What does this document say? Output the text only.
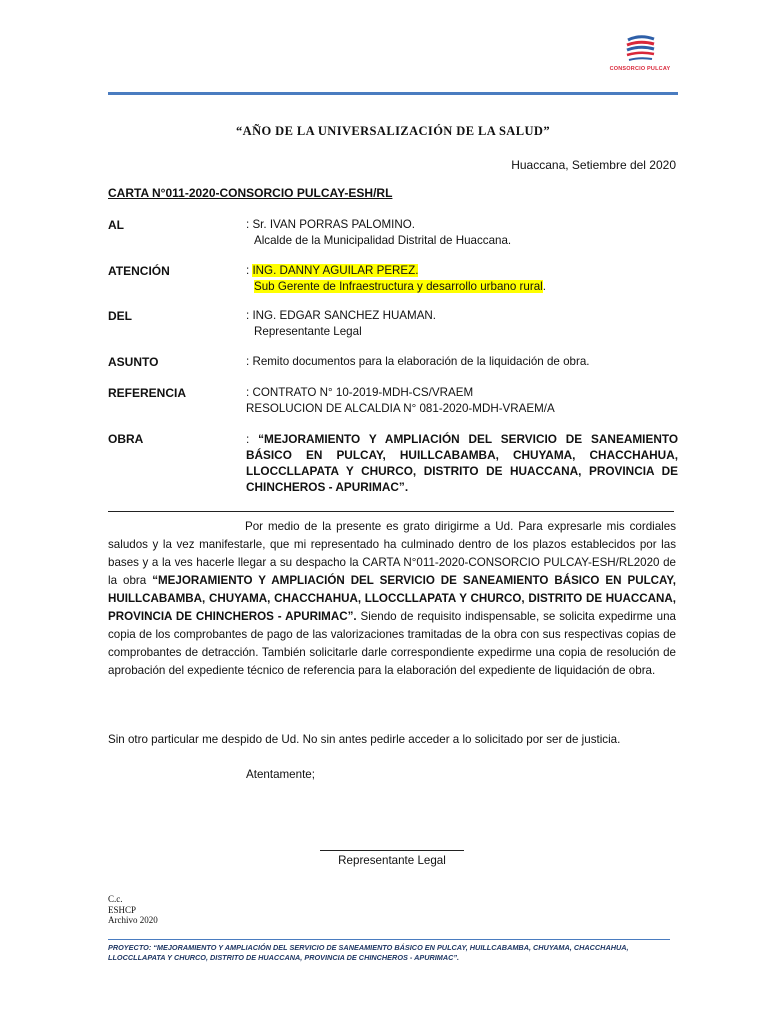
CONSORCIO PULCAY
“AÑO DE LA UNIVERSALIZACIÓN DE LA SALUD”
Huaccana, Setiembre del 2020
CARTA N°011-2020-CONSORCIO PULCAY-ESH/RL
AL	: Sr. IVAN PORRAS PALOMINO.
Alcalde de la Municipalidad Distrital de Huaccana.
ATENCIÓN	: ING. DANNY AGUILAR PEREZ.
Sub Gerente de Infraestructura y desarrollo urbano rural.
DEL	: ING. EDGAR SANCHEZ HUAMAN.
Representante Legal
ASUNTO	: Remito documentos para la elaboración de la liquidación de obra.
REFERENCIA	: CONTRATO N° 10-2019-MDH-CS/VRAEM
RESOLUCION DE ALCALDIA N° 081-2020-MDH-VRAEM/A
OBRA	: “MEJORAMIENTO Y AMPLIACIÓN DEL SERVICIO DE SANEAMIENTO BÁSICO EN PULCAY, HUILLCABAMBA, CHUYAMA, CHACCHAHUA, LLOCCLLAPATA Y CHURCO, DISTRITO DE HUACCANA, PROVINCIA DE CHINCHEROS - APURIMAC”.
Por medio de la presente es grato dirigirme a Ud. Para expresarle mis cordiales saludos y la vez manifestarle, que mi representado ha culminado dentro de los plazos establecidos por las bases y a la ves hacerle llegar a su despacho la CARTA N°011-2020-CONSORCIO PULCAY-ESH/RL2020 de la obra “MEJORAMIENTO Y AMPLIACIÓN DEL SERVICIO DE SANEAMIENTO BÁSICO EN PULCAY, HUILLCABAMBA, CHUYAMA, CHACCHAHUA, LLOCCLLAPATA Y CHURCO, DISTRITO DE HUACCANA, PROVINCIA DE CHINCHEROS - APURIMAC”. Siendo de requisito indispensable, se solicita expedirme una copia de los comprobantes de pago de las valorizaciones tramitadas de la obra con sus respectivas copias de comprobantes de detracción. También solicitarle darle correspondiente expedirme una copia de resolución de aprobación del expediente técnico de referencia para la elaboración del expediente de liquidación de obra.
Sin otro particular me despido de Ud. No sin antes pedirle acceder a lo solicitado por ser de justicia.
Atentamente;
Representante Legal
C.c.
ESHCP
Archivo 2020
PROYECTO: “MEJORAMIENTO Y AMPLIACIÓN DEL SERVICIO DE SANEAMIENTO BÁSICO EN PULCAY, HUILLCABAMBA, CHUYAMA, CHACCHAHUA, LLOCCLLAPATA Y CHURCO, DISTRITO DE HUACCANA, PROVINCIA DE CHINCHEROS - APURIMAC”.
